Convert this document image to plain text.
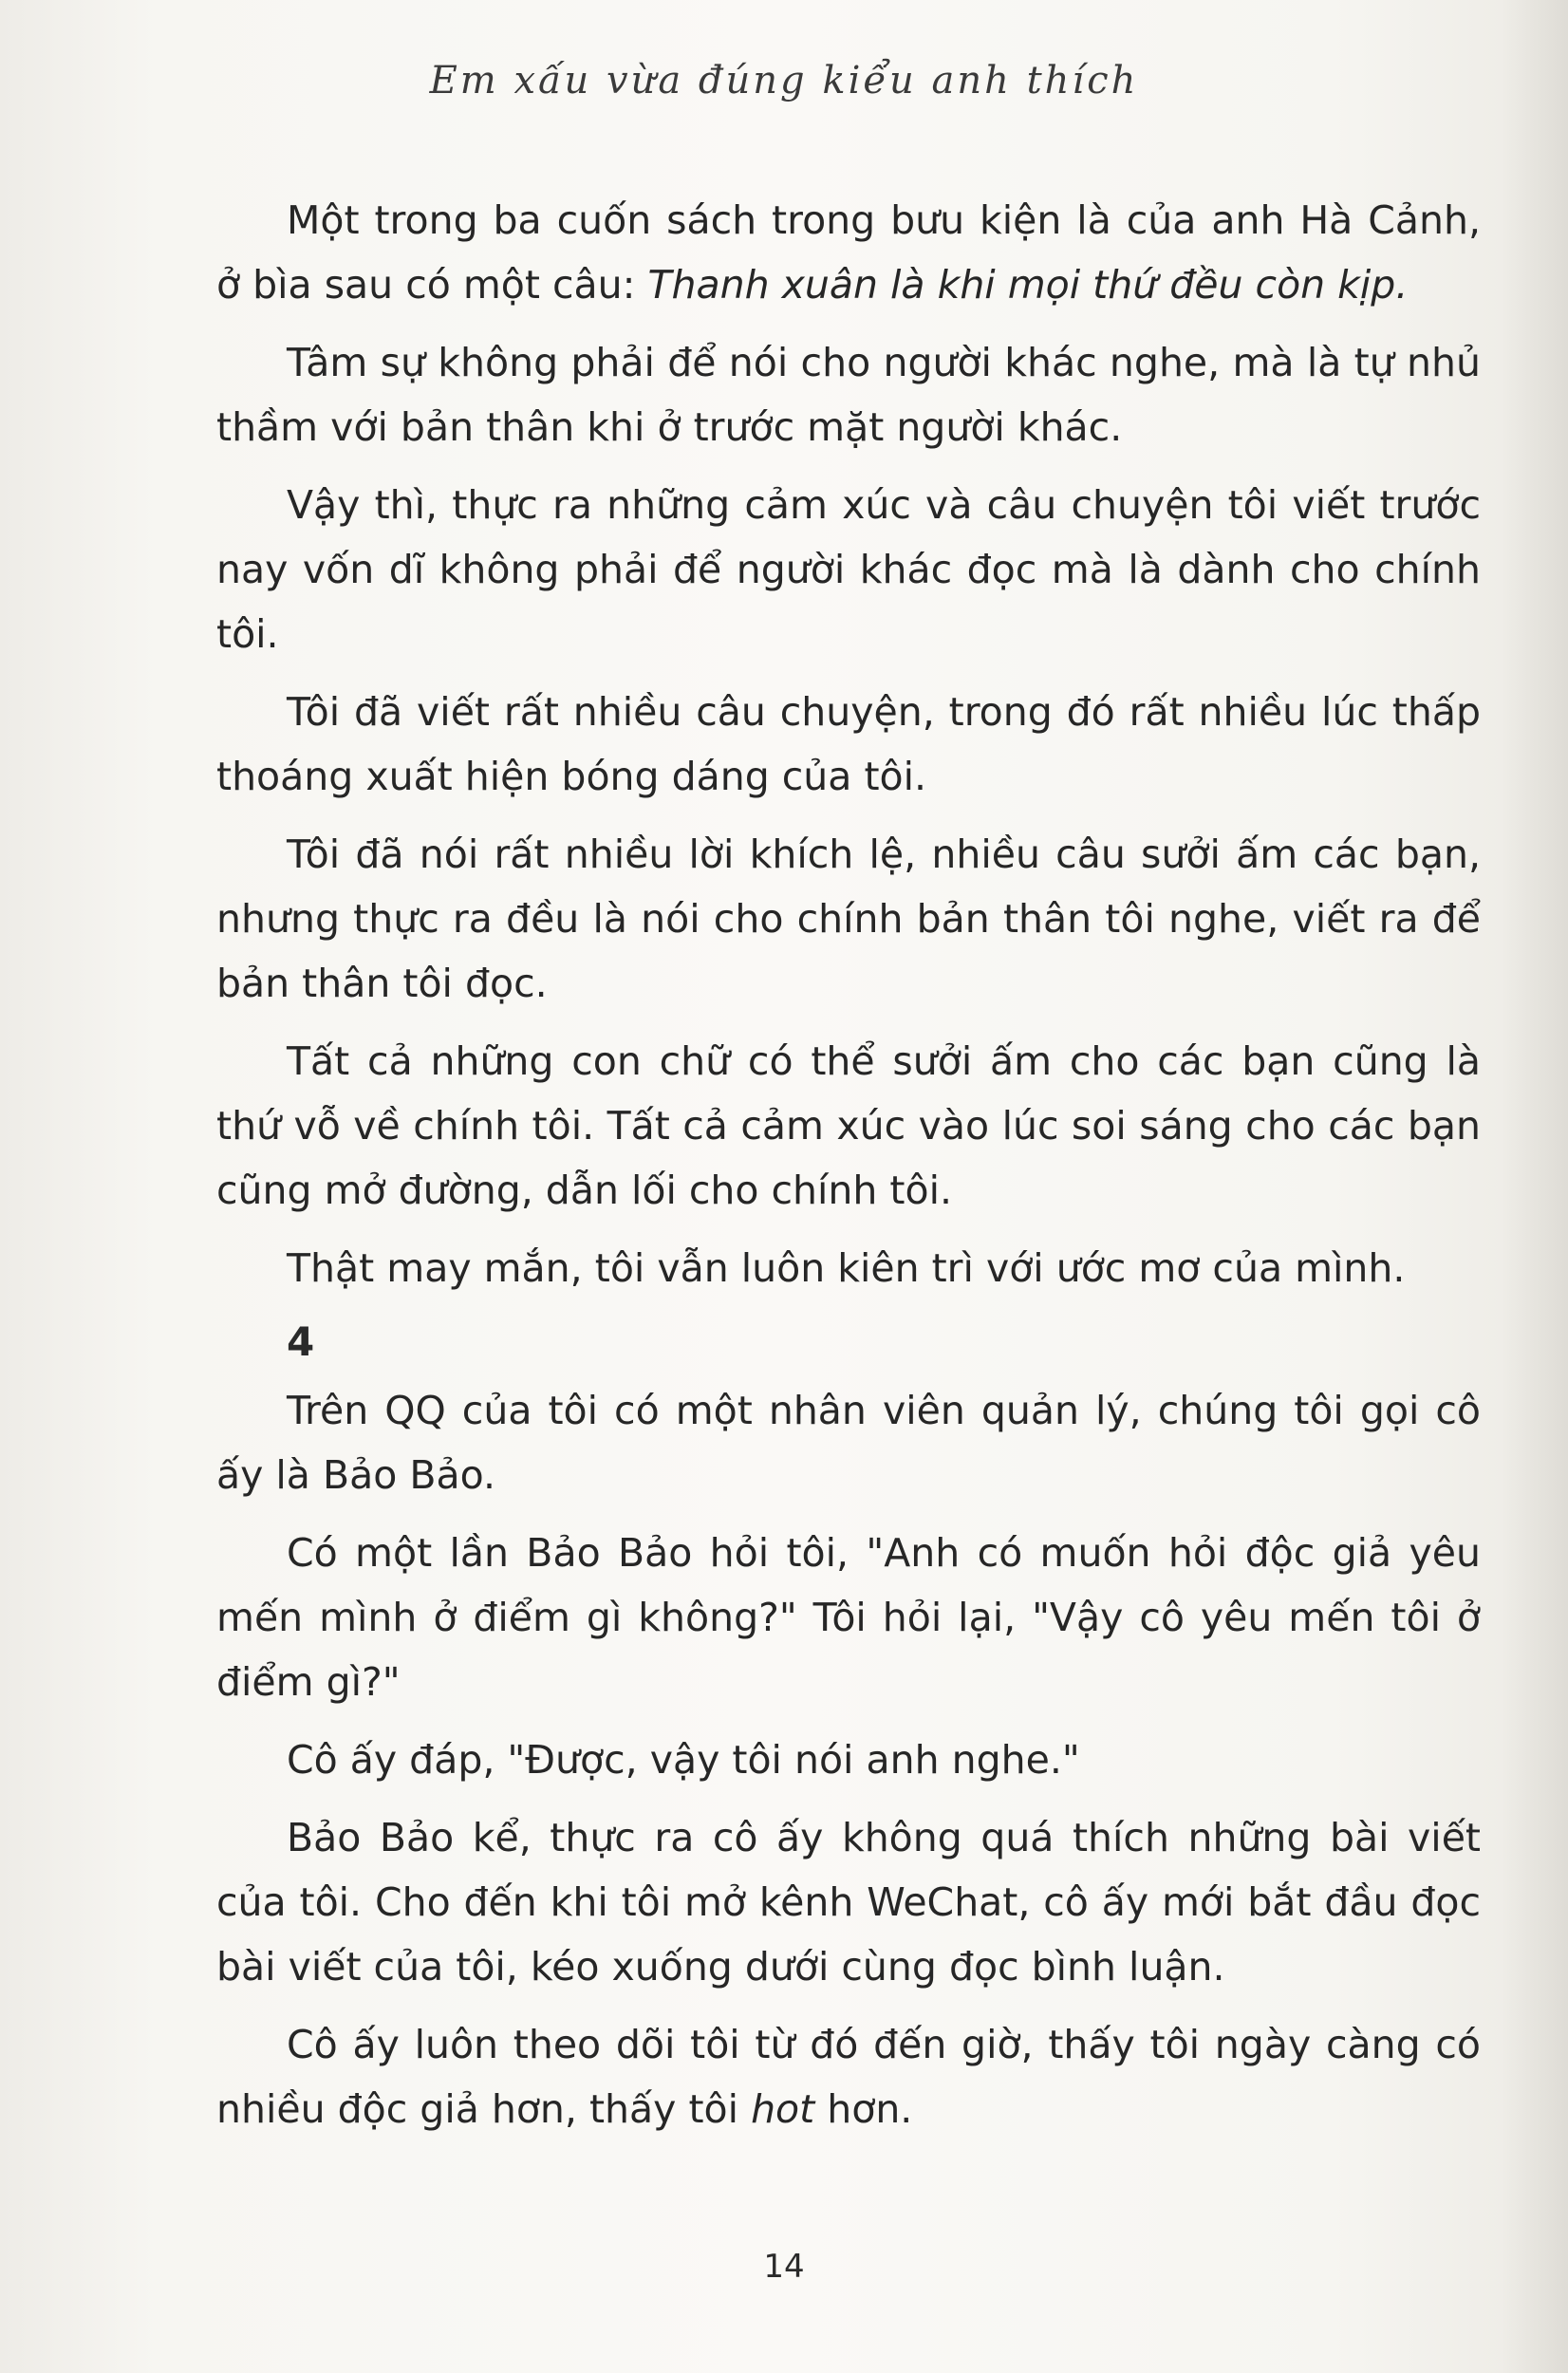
Em xấu vừa đúng kiểu anh thích

Một trong ba cuốn sách trong bưu kiện là của anh Hà Cảnh, ở bìa sau có một câu: Thanh xuân là khi mọi thứ đều còn kịp.

Tâm sự không phải để nói cho người khác nghe, mà là tự nhủ thầm với bản thân khi ở trước mặt người khác.

Vậy thì, thực ra những cảm xúc và câu chuyện tôi viết trước nay vốn dĩ không phải để người khác đọc mà là dành cho chính tôi.

Tôi đã viết rất nhiều câu chuyện, trong đó rất nhiều lúc thấp thoáng xuất hiện bóng dáng của tôi.

Tôi đã nói rất nhiều lời khích lệ, nhiều câu sưởi ấm các bạn, nhưng thực ra đều là nói cho chính bản thân tôi nghe, viết ra để bản thân tôi đọc.

Tất cả những con chữ có thể sưởi ấm cho các bạn cũng là thứ vỗ về chính tôi. Tất cả cảm xúc vào lúc soi sáng cho các bạn cũng mở đường, dẫn lối cho chính tôi.

Thật may mắn, tôi vẫn luôn kiên trì với ước mơ của mình.

4

Trên QQ của tôi có một nhân viên quản lý, chúng tôi gọi cô ấy là Bảo Bảo.

Có một lần Bảo Bảo hỏi tôi, "Anh có muốn hỏi độc giả yêu mến mình ở điểm gì không?" Tôi hỏi lại, "Vậy cô yêu mến tôi ở điểm gì?"

Cô ấy đáp, "Được, vậy tôi nói anh nghe."

Bảo Bảo kể, thực ra cô ấy không quá thích những bài viết của tôi. Cho đến khi tôi mở kênh WeChat, cô ấy mới bắt đầu đọc bài viết của tôi, kéo xuống dưới cùng đọc bình luận.

Cô ấy luôn theo dõi tôi từ đó đến giờ, thấy tôi ngày càng có nhiều độc giả hơn, thấy tôi hot hơn.

14
